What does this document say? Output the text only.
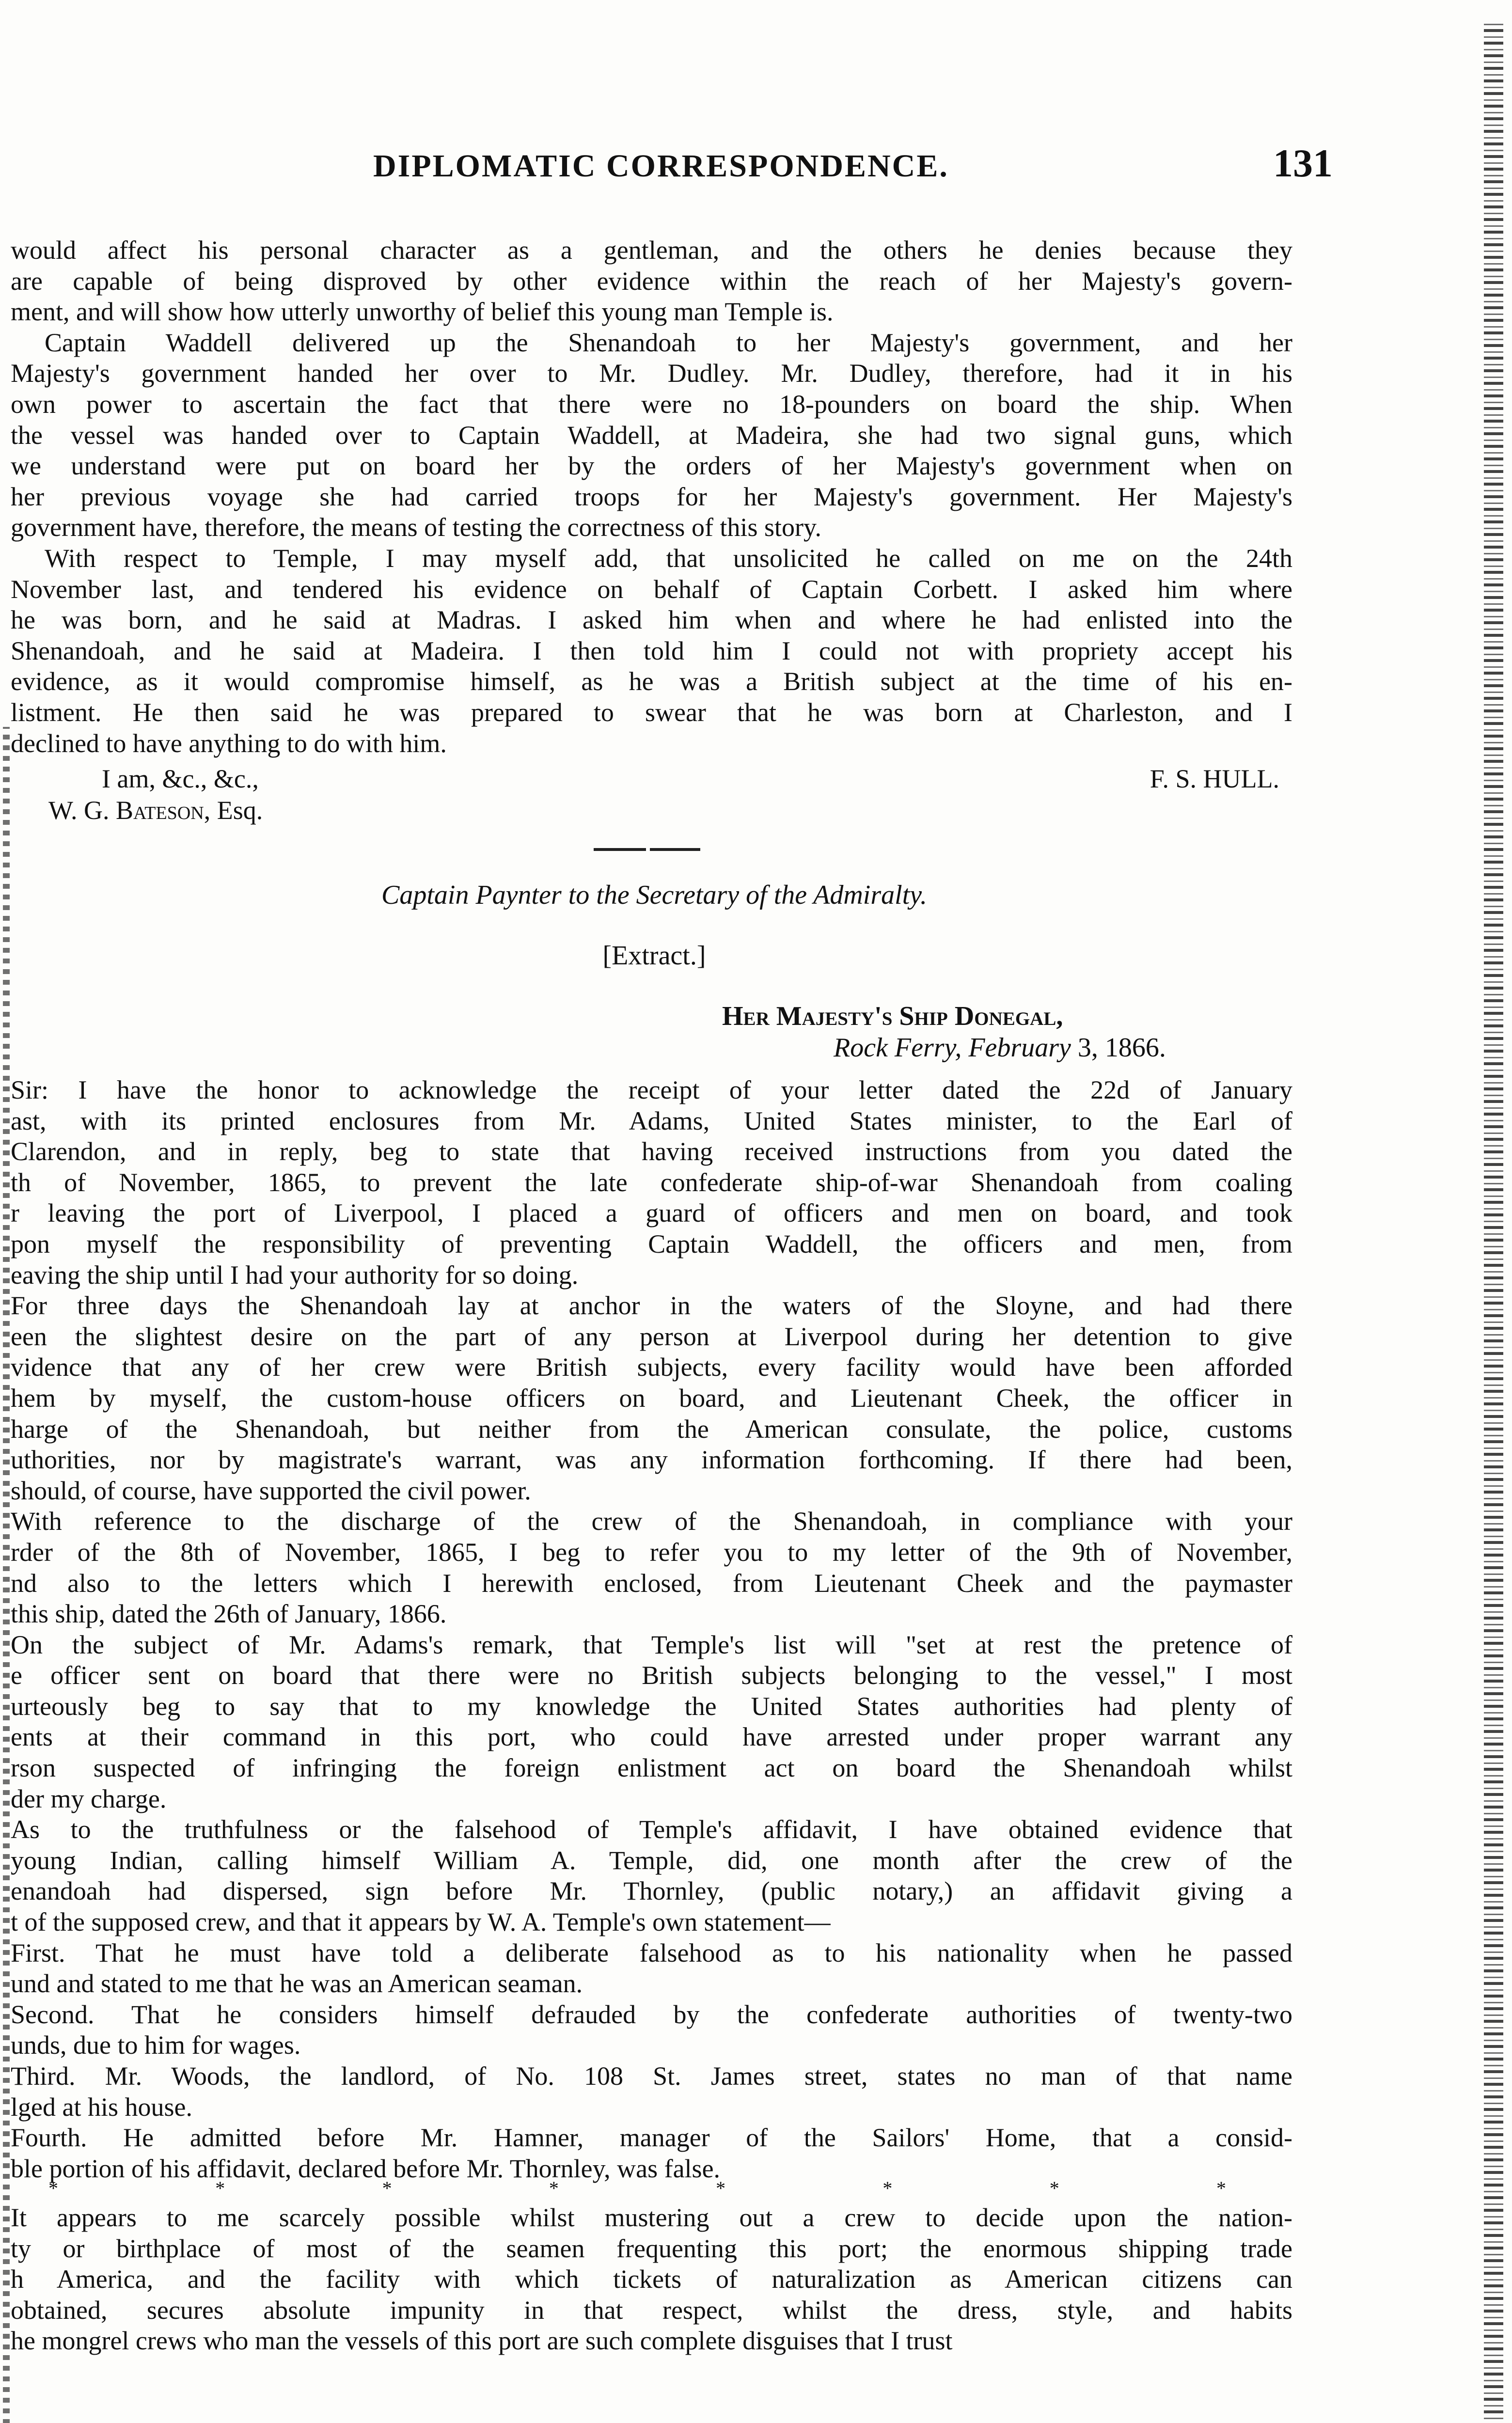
DIPLOMATIC CORRESPONDENCE.	131
would affect his personal character as a gentleman, and the others he denies because they
are capable of being disproved by other evidence within the reach of her Majesty's govern-
ment, and will show how utterly unworthy of belief this young man Temple is.
Captain Waddell delivered up the Shenandoah to her Majesty's government, and her
Majesty's government handed her over to Mr. Dudley. Mr. Dudley, therefore, had it in his
own power to ascertain the fact that there were no 18-pounders on board the ship. When
the vessel was handed over to Captain Waddell, at Madeira, she had two signal guns, which
we understand were put on board her by the orders of her Majesty's government when on
her previous voyage she had carried troops for her Majesty's government. Her Majesty's
government have, therefore, the means of testing the correctness of this story.
With respect to Temple, I may myself add, that unsolicited he called on me on the 24th
November last, and tendered his evidence on behalf of Captain Corbett. I asked him where
he was born, and he said at Madras. I asked him when and where he had enlisted into the
Shenandoah, and he said at Madeira. I then told him I could not with propriety accept his
evidence, as it would compromise himself, as he was a British subject at the time of his en-
listment. He then said he was prepared to swear that he was born at Charleston, and I
declined to have anything to do with him.
I am, &c., &c.,	F. S. HULL.
W. G. Bateson, Esq.
Captain Paynter to the Secretary of the Admiralty.
[Extract.]
Her Majesty's Ship Donegal,
Rock Ferry, February 3, 1866.
Sir: I have the honor to acknowledge the receipt of your letter dated the 22d of January
ast, with its printed enclosures from Mr. Adams, United States minister, to the Earl of
Clarendon, and in reply, beg to state that having received instructions from you dated the
th of November, 1865, to prevent the late confederate ship-of-war Shenandoah from coaling
r leaving the port of Liverpool, I placed a guard of officers and men on board, and took
pon myself the responsibility of preventing Captain Waddell, the officers and men, from
eaving the ship until I had your authority for so doing.
For three days the Shenandoah lay at anchor in the waters of the Sloyne, and had there
een the slightest desire on the part of any person at Liverpool during her detention to give
vidence that any of her crew were British subjects, every facility would have been afforded
hem by myself, the custom-house officers on board, and Lieutenant Cheek, the officer in
harge of the Shenandoah, but neither from the American consulate, the police, customs
uthorities, nor by magistrate's warrant, was any information forthcoming. If there had been,
should, of course, have supported the civil power.
With reference to the discharge of the crew of the Shenandoah, in compliance with your
rder of the 8th of November, 1865, I beg to refer you to my letter of the 9th of November,
nd also to the letters which I herewith enclosed, from Lieutenant Cheek and the paymaster
this ship, dated the 26th of January, 1866.
On the subject of Mr. Adams's remark, that Temple's list will "set at rest the pretence of
e officer sent on board that there were no British subjects belonging to the vessel," I most
urteously beg to say that to my knowledge the United States authorities had plenty of
ents at their command in this port, who could have arrested under proper warrant any
rson suspected of infringing the foreign enlistment act on board the Shenandoah whilst
der my charge.
As to the truthfulness or the falsehood of Temple's affidavit, I have obtained evidence that
young Indian, calling himself William A. Temple, did, one month after the crew of the
enandoah had dispersed, sign before Mr. Thornley, (public notary,) an affidavit giving a
t of the supposed crew, and that it appears by W. A. Temple's own statement—
First. That he must have told a deliberate falsehood as to his nationality when he passed
und and stated to me that he was an American seaman.
Second. That he considers himself defrauded by the confederate authorities of twenty-two
unds, due to him for wages.
Third. Mr. Woods, the landlord, of No. 108 St. James street, states no man of that name
lged at his house.
Fourth. He admitted before Mr. Hamner, manager of the Sailors' Home, that a consid-
ble portion of his affidavit, declared before Mr. Thornley, was false.
*	*	*	*	*	*	*	*
It appears to me scarcely possible whilst mustering out a crew to decide upon the nation-
ty or birthplace of most of the seamen frequenting this port; the enormous shipping trade
h America, and the facility with which tickets of naturalization as American citizens can
obtained, secures absolute impunity in that respect, whilst the dress, style, and habits
he mongrel crews who man the vessels of this port are such complete disguises that I trust
